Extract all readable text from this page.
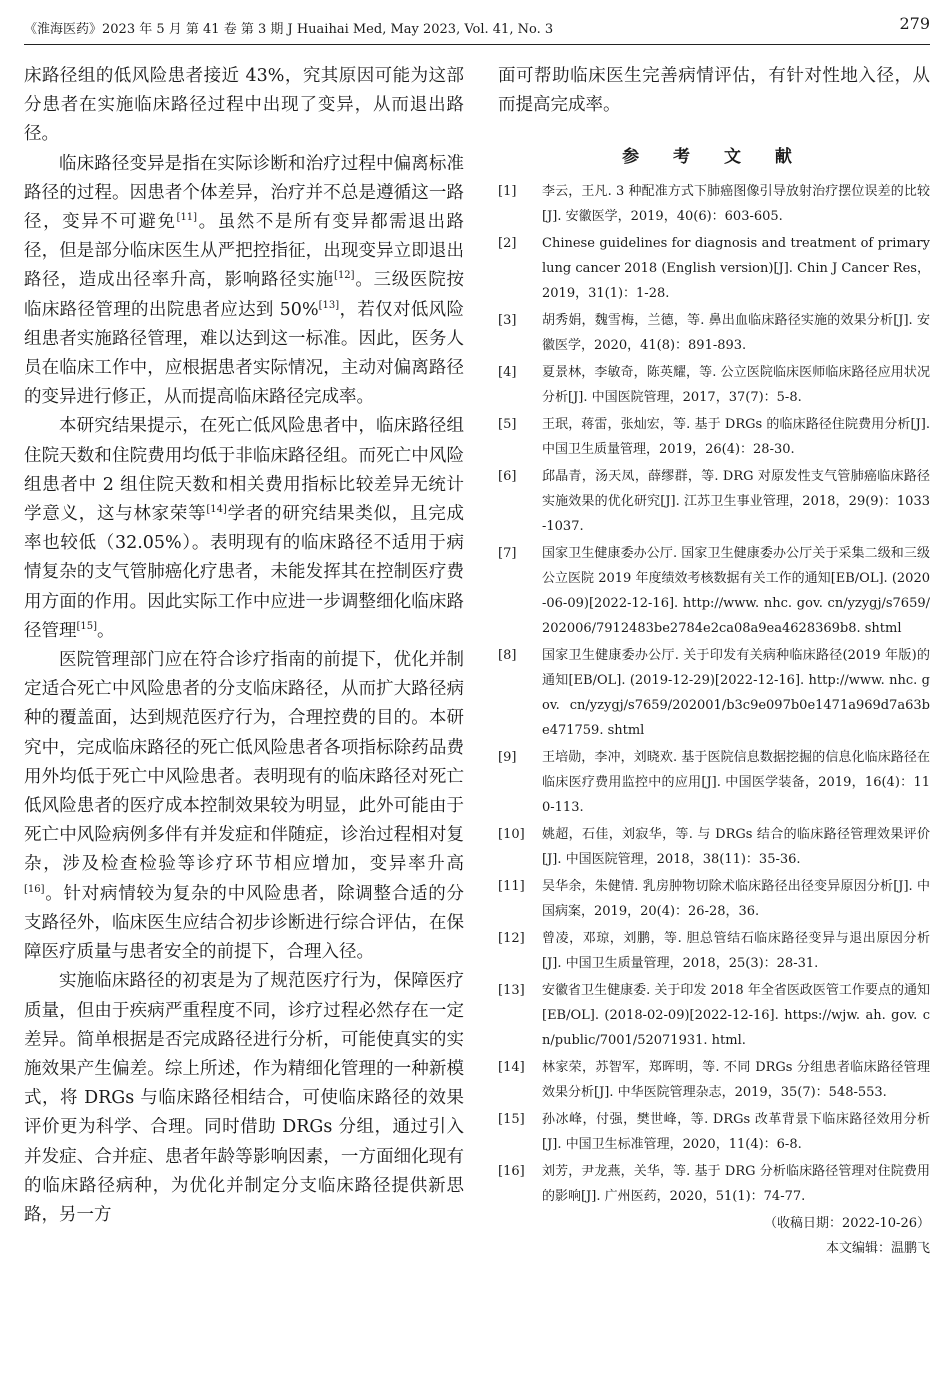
《淮海医药》2023 年 5 月 第 41 卷 第 3 期 J Huaihai Med, May 2023, Vol. 41, No. 3	279

床路径组的低风险患者接近 43%，究其原因可能为这部分患者在实施临床路径过程中出现了变异，从而退出路径。

临床路径变异是指在实际诊断和治疗过程中偏离标准路径的过程。因患者个体差异，治疗并不总是遵循这一路径，变异不可避免[11]。虽然不是所有变异都需退出路径，但是部分临床医生从严把控指征，出现变异立即退出路径，造成出径率升高，影响路径实施[12]。三级医院按临床路径管理的出院患者应达到 50%[13]，若仅对低风险组患者实施路径管理，难以达到这一标准。因此，医务人员在临床工作中，应根据患者实际情况，主动对偏离路径的变异进行修正，从而提高临床路径完成率。

本研究结果提示，在死亡低风险患者中，临床路径组住院天数和住院费用均低于非临床路径组。而死亡中风险组患者中 2 组住院天数和相关费用指标比较差异无统计学意义，这与林家荣等[14]学者的研究结果类似，且完成率也较低（32.05%）。表明现有的临床路径不适用于病情复杂的支气管肺癌化疗患者，未能发挥其在控制医疗费用方面的作用。因此实际工作中应进一步调整细化临床路径管理[15]。

医院管理部门应在符合诊疗指南的前提下，优化并制定适合死亡中风险患者的分支临床路径，从而扩大路径病种的覆盖面，达到规范医疗行为，合理控费的目的。本研究中，完成临床路径的死亡低风险患者各项指标除药品费用外均低于死亡中风险患者。表明现有的临床路径对死亡低风险患者的医疗成本控制效果较为明显，此外可能由于死亡中风险病例多伴有并发症和伴随症，诊治过程相对复杂，涉及检查检验等诊疗环节相应增加，变异率升高[16]。针对病情较为复杂的中风险患者，除调整合适的分支路径外，临床医生应结合初步诊断进行综合评估，在保障医疗质量与患者安全的前提下，合理入径。

实施临床路径的初衷是为了规范医疗行为，保障医疗质量，但由于疾病严重程度不同，诊疗过程必然存在一定差异。简单根据是否完成路径进行分析，可能使真实的实施效果产生偏差。综上所述，作为精细化管理的一种新模式，将 DRGs 与临床路径相结合，可使临床路径的效果评价更为科学、合理。同时借助 DRGs 分组，通过引入并发症、合并症、患者年龄等影响因素，一方面细化现有的临床路径病种，为优化并制定分支临床路径提供新思路，另一方

面可帮助临床医生完善病情评估，有针对性地入径，从而提高完成率。

参 考 文 献
[1] 李云，王凡. 3 种配准方式下肺癌图像引导放射治疗摆位误差的比较[J]. 安徽医学，2019，40(6)：603-605.
[2] Chinese guidelines for diagnosis and treatment of primary lung cancer 2018 (English version)[J]. Chin J Cancer Res，2019，31(1)：1-28.
[3] 胡秀娟，魏雪梅，兰德，等. 鼻出血临床路径实施的效果分析[J]. 安徽医学，2020，41(8)：891-893.
[4] 夏景林，李敏奇，陈英耀，等. 公立医院临床医师临床路径应用状况分析[J]. 中国医院管理，2017，37(7)：5-8.
[5] 王珉，蒋雷，张灿宏，等. 基于 DRGs 的临床路径住院费用分析[J]. 中国卫生质量管理，2019，26(4)：28-30.
[6] 邱晶青，汤天凤，薛缪群，等. DRG 对原发性支气管肺癌临床路径实施效果的优化研究[J]. 江苏卫生事业管理，2018，29(9)：1033-1037.
[7] 国家卫生健康委办公厅. 国家卫生健康委办公厅关于采集二级和三级公立医院 2019 年度绩效考核数据有关工作的通知[EB/OL]. (2020-06-09)[2022-12-16]. http://www. nhc. gov. cn/yzygj/s7659/202006/7912483be2784e2ca08a9ea4628369b8. shtml
[8] 国家卫生健康委办公厅. 关于印发有关病种临床路径(2019 年版)的通知[EB/OL]. (2019-12-29)[2022-12-16]. http://www. nhc. gov. cn/yzygj/s7659/202001/b3c9e097b0e1471a969d7a63be471759. shtml
[9] 王培勋，李冲，刘晓欢. 基于医院信息数据挖掘的信息化临床路径在临床医疗费用监控中的应用[J]. 中国医学装备，2019，16(4)：110-113.
[10] 姚超，石佳，刘寂华，等. 与 DRGs 结合的临床路径管理效果评价[J]. 中国医院管理，2018，38(11)：35-36.
[11] 吴华余，朱健情. 乳房肿物切除术临床路径出径变异原因分析[J]. 中国病案，2019，20(4)：26-28，36.
[12] 曾凌，邓琼，刘鹏，等. 胆总管结石临床路径变异与退出原因分析[J]. 中国卫生质量管理，2018，25(3)：28-31.
[13] 安徽省卫生健康委. 关于印发 2018 年全省医政医管工作要点的通知[EB/OL]. (2018-02-09)[2022-12-16]. https://wjw. ah. gov. cn/public/7001/52071931. html.
[14] 林家荣，苏智军，郑晖明，等. 不同 DRGs 分组患者临床路径管理效果分析[J]. 中华医院管理杂志，2019，35(7)：548-553.
[15] 孙冰峰，付强，樊世峰，等. DRGs 改革背景下临床路径效用分析[J]. 中国卫生标准管理，2020，11(4)：6-8.
[16] 刘芳，尹龙燕，关华，等. 基于 DRG 分析临床路径管理对住院费用的影响[J]. 广州医药，2020，51(1)：74-77.
（收稿日期：2022-10-26）
本文编辑：温鹏飞
